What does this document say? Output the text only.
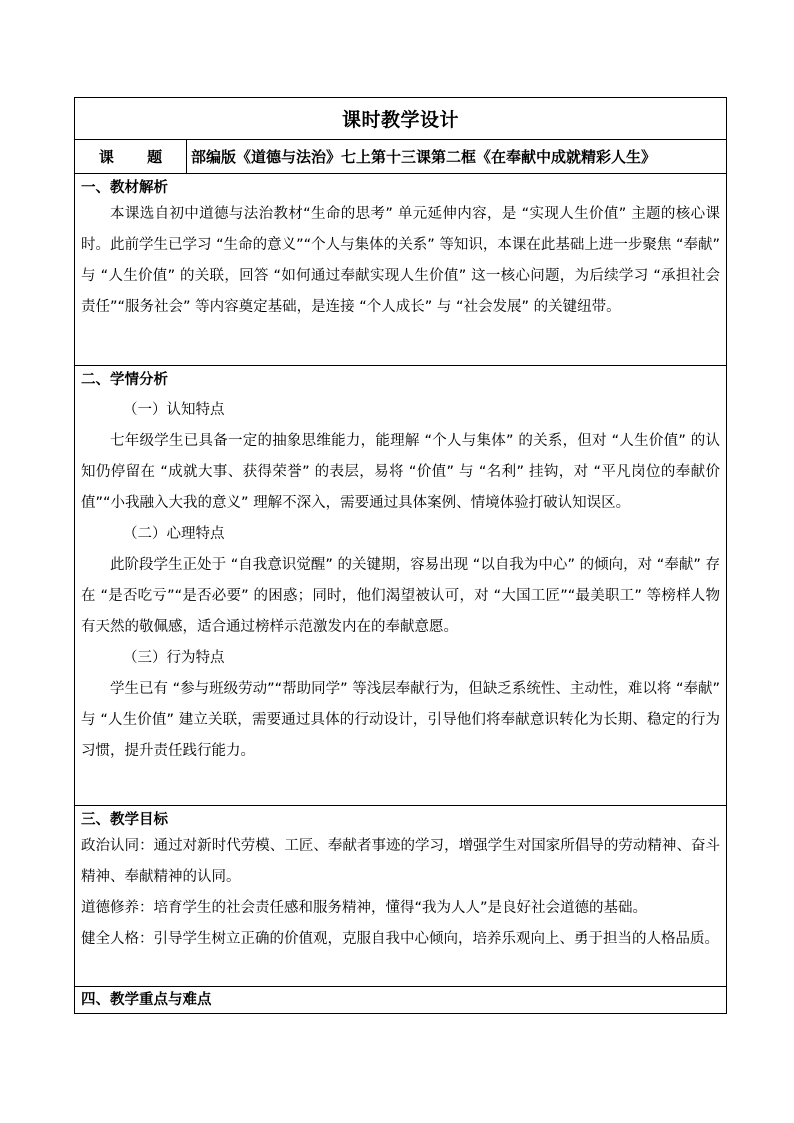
课时教学设计
课 题 部编版《道德与法治》七上第十三课第二框《在奉献中成就精彩人生》
一、教材解析

本课选自初中道德与法治教材“生命的思考” 单元延伸内容，是 “实现人生价值” 主题的核心课时。此前学生已学习 “生命的意义”“个人与集体的关系” 等知识，本课在此基础上进一步聚焦 “奉献” 与 “人生价值” 的关联，回答 “如何通过奉献实现人生价值” 这一核心问题，为后续学习 “承担社会责任”“服务社会” 等内容奠定基础，是连接 “个人成长” 与 “社会发展” 的关键纽带。

二、学情分析

（一）认知特点

七年级学生已具备一定的抽象思维能力，能理解 “个人与集体” 的关系，但对 “人生价值” 的认知仍停留在 “成就大事、获得荣誉” 的表层，易将 “价值” 与 “名利” 挂钩，对 “平凡岗位的奉献价值”“小我融入大我的意义” 理解不深入，需要通过具体案例、情境体验打破认知误区。

（二）心理特点

此阶段学生正处于 “自我意识觉醒” 的关键期，容易出现 “以自我为中心” 的倾向，对 “奉献” 存在 “是否吃亏”“是否必要” 的困惑；同时，他们渴望被认可，对 “大国工匠”“最美职工” 等榜样人物有天然的敬佩感，适合通过榜样示范激发内在的奉献意愿。

（三）行为特点

学生已有 “参与班级劳动”“帮助同学” 等浅层奉献行为，但缺乏系统性、主动性，难以将 “奉献” 与 “人生价值” 建立关联，需要通过具体的行动设计，引导他们将奉献意识转化为长期、稳定的行为习惯，提升责任践行能力。

三、教学目标

政治认同：通过对新时代劳模、工匠、奉献者事迹的学习，增强学生对国家所倡导的劳动精神、奋斗精神、奉献精神的认同。

道德修养：培育学生的社会责任感和服务精神，懂得“我为人人”是良好社会道德的基础。

健全人格：引导学生树立正确的价值观，克服自我中心倾向，培养乐观向上、勇于担当的人格品质。

四、教学重点与难点
